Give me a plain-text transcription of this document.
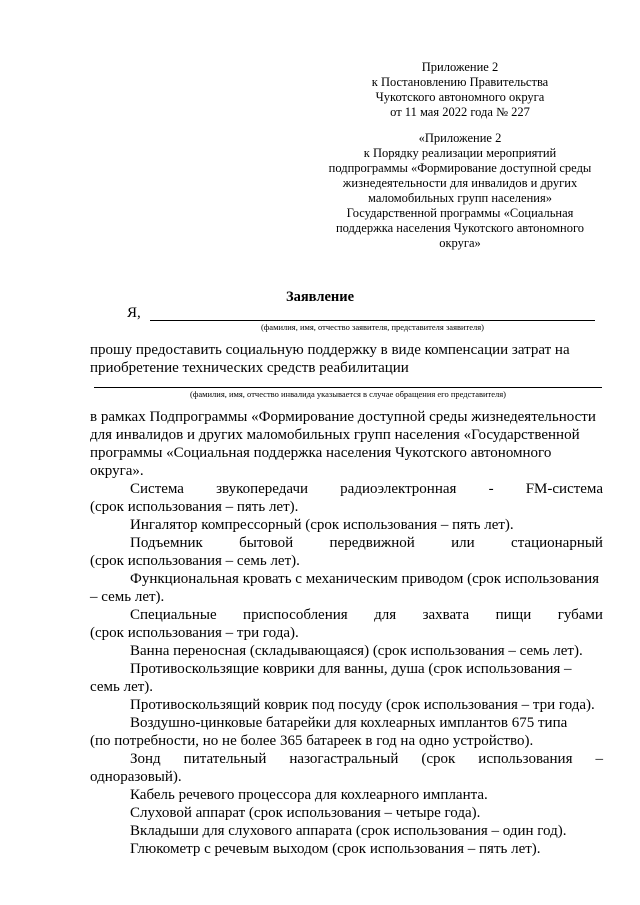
Приложение 2
к Постановлению Правительства
Чукотского автономного округа
от 11 мая 2022 года № 227
«Приложение 2
к Порядку реализации мероприятий
подпрограммы «Формирование доступной среды
жизнедеятельности для инвалидов и других
маломобильных групп населения»
Государственной программы «Социальная
поддержка населения Чукотского автономного
округа»
Заявление
Я,
(фамилия, имя, отчество заявителя, представителя заявителя)
прошу предоставить социальную поддержку в виде компенсации затрат на
приобретение технических средств реабилитации
(фамилия, имя, отчество инвалида указывается в случае обращения его представителя)
в рамках Подпрограммы «Формирование доступной среды жизнедеятельности
для инвалидов и других маломобильных групп населения «Государственной
программы «Социальная поддержка населения Чукотского автономного
округа».
Система звукопередачи радиоэлектронная - FM-система
(срок использования – пять лет).
Ингалятор компрессорный (срок использования – пять лет).
Подъемник бытовой передвижной или стационарный
(срок использования – семь лет).
Функциональная кровать с механическим приводом (срок использования
– семь лет).
Специальные приспособления для захвата пищи губами
(срок использования – три года).
Ванна переносная (складывающаяся) (срок использования – семь лет).
Противоскользящие коврики для ванны, душа (срок использования –
семь лет).
Противоскользящий коврик под посуду (срок использования – три года).
Воздушно-цинковые батарейки для кохлеарных имплантов 675 типа
(по потребности, но не более 365 батареек в год на одно устройство).
Зонд питательный назогастральный (срок использования –
одноразовый).
Кабель речевого процессора для кохлеарного импланта.
Слуховой аппарат (срок использования – четыре года).
Вкладыши для слухового аппарата (срок использования – один год).
Глюкометр с речевым выходом (срок использования – пять лет).
